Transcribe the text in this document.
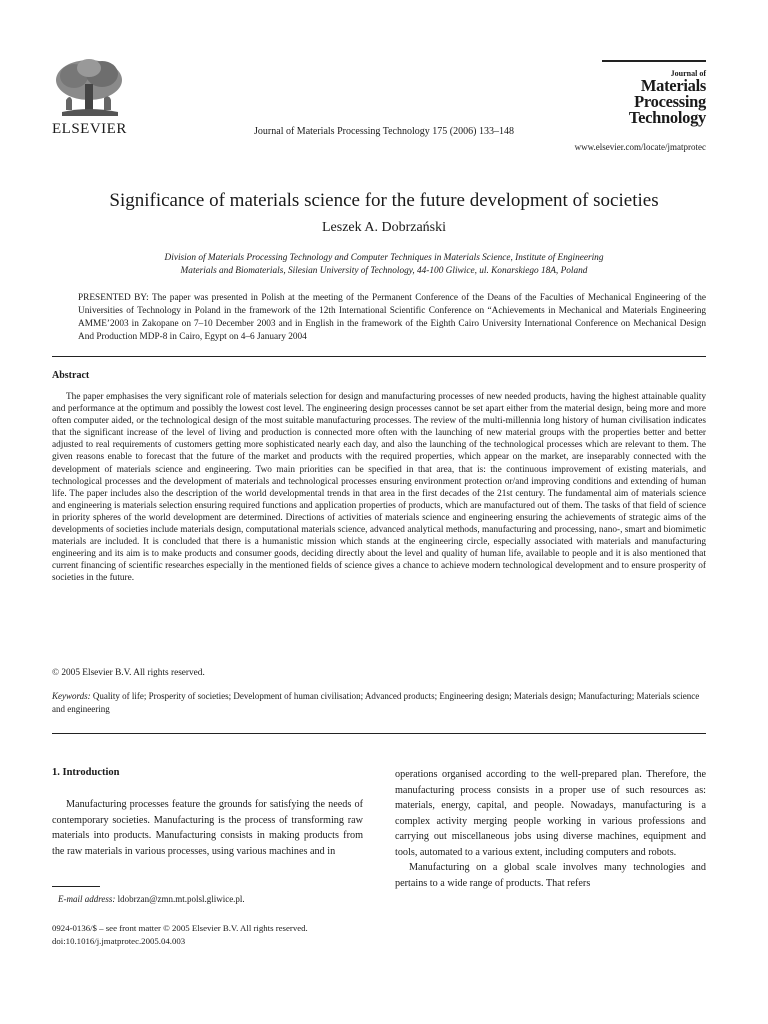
ELSEVIER	Journal of Materials Processing Technology 175 (2006) 133–148
Journal of
Materials
Processing
Technology
www.elsevier.com/locate/jmatprotec
Significance of materials science for the future development of societies
Leszek A. Dobrzański
Division of Materials Processing Technology and Computer Techniques in Materials Science, Institute of Engineering
Materials and Biomaterials, Silesian University of Technology, 44-100 Gliwice, ul. Konarskiego 18A, Poland
PRESENTED BY: The paper was presented in Polish at the meeting of the Permanent Conference of the Deans of the Faculties of Mechanical Engineering of the Universities of Technology in Poland in the framework of the 12th International Scientific Conference on “Achievements in Mechanical and Materials Engineering AMME’2003 in Zakopane on 7–10 December 2003 and in English in the framework of the Eighth Cairo University International Conference on Mechanical Design And Production MDP-8 in Cairo, Egypt on 4–6 January 2004
Abstract

The paper emphasises the very significant role of materials selection for design and manufacturing processes of new needed products, having the highest attainable quality and performance at the optimum and possibly the lowest cost level. The engineering design processes cannot be set apart either from the material design, being more and more often computer aided, or the technological design of the most suitable manufacturing processes. The review of the multi-millennia long history of human civilisation indicates that the significant increase of the level of living and production is connected more often with the launching of new material groups with the properties better and better adjusted to real requirements of customers getting more sophisticated nearly each day, and also the launching of the technological processes which are relevant to them. The given reasons enable to forecast that the future of the market and products with the required properties, which appear on the market, are inseparably connected with the development of materials science and engineering. Two main priorities can be specified in that area, that is: the continuous improvement of existing materials, and technological processes and the development of materials and technological processes ensuring environment protection or/and improving conditions and extending of human life. The paper includes also the description of the world developmental trends in that area in the first decades of the 21st century. The fundamental aim of materials science and engineering is materials selection ensuring required functions and application properties of products, which are manufactured out of them. The tasks of that field of science in priority spheres of the world development are determined. Directions of activities of materials science and engineering ensuring the achievements of strategic aims of the developments of societies include materials design, computational materials science, advanced analytical methods, manufacturing and processing, nano-, smart and biomimetic materials are included. It is concluded that there is a humanistic mission which stands at the engineering circle, especially associated with materials and manufacturing engineering and its aim is to make products and consumer goods, deciding directly about the level and quality of human life, available to people and it is also mentioned that current financing of scientific researches especially in the mentioned fields of science gives a chance to achieve modern technological development and to ensure prosperity of societies in the future.

© 2005 Elsevier B.V. All rights reserved.
Keywords: Quality of life; Prosperity of societies; Development of human civilisation; Advanced products; Engineering design; Materials design; Manufacturing; Materials science and engineering
1. Introduction
Manufacturing processes feature the grounds for satisfying the needs of contemporary societies. Manufacturing is the process of transforming raw materials into products. Manufacturing consists in making products from the raw materials in various processes, using various machines and in

operations organised according to the well-prepared plan. Therefore, the manufacturing process consists in a proper use of such resources as: materials, energy, capital, and people. Nowadays, manufacturing is a complex activity merging people working in various professions and carrying out miscellaneous jobs using diverse machines, equipment and tools, automated to a various extent, including computers and robots.

Manufacturing on a global scale involves many technologies and pertains to a wide range of products. That refers

E-mail address: ldobrzan@zmn.mt.polsl.gliwice.pl.
0924-0136/$ – see front matter © 2005 Elsevier B.V. All rights reserved.
doi:10.1016/j.jmatprotec.2005.04.003
